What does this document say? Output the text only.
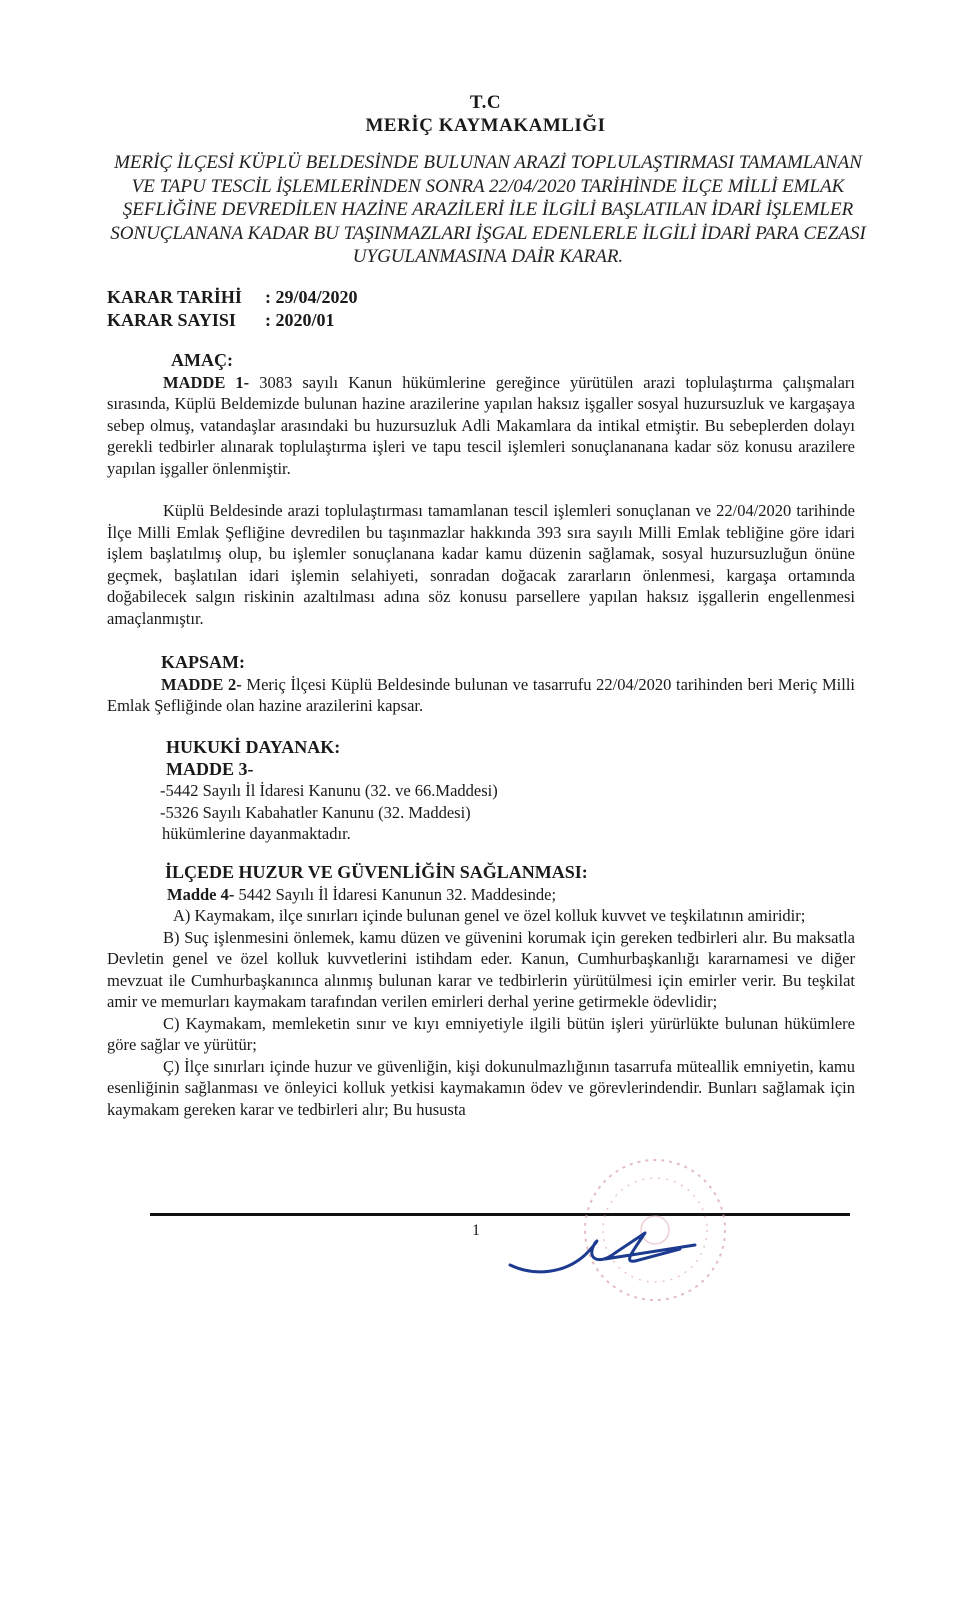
T.C
MERİÇ KAYMAKAMLIĞI
MERİÇ İLÇESİ KÜPLÜ BELDESİNDE BULUNAN ARAZİ TOPLULAŞTIRMASI TAMAMLANAN
VE TAPU TESCİL İŞLEMLERİNDEN SONRA 22/04/2020 TARİHİNDE İLÇE MİLLİ EMLAK
ŞEFLİĞİNE DEVREDİLEN HAZİNE ARAZİLERİ İLE İLGİLİ BAŞLATILAN İDARİ İŞLEMLER
SONUÇLANANA KADAR BU TAŞINMAZLARI İŞGAL EDENLERLE İLGİLİ İDARİ PARA CEZASI
UYGULANMASINA DAİR KARAR.
KARAR TARİHİ	: 29/04/2020
KARAR SAYISI	: 2020/01

AMAÇ:

MADDE 1- 3083 sayılı Kanun hükümlerine gereğince yürütülen arazi toplulaştırma çalışmaları sırasında, Küplü Beldemizde bulunan hazine arazilerine yapılan haksız işgaller sosyal huzursuzluk ve kargaşaya sebep olmuş, vatandaşlar arasındaki bu huzursuzluk Adli Makamlara da intikal etmiştir. Bu sebeplerden dolayı gerekli tedbirler alınarak toplulaştırma işleri ve tapu tescil işlemleri sonuçlananana kadar söz konusu arazilere yapılan işgaller önlenmiştir.

Küplü Beldesinde arazi toplulaştırması tamamlanan tescil işlemleri sonuçlanan ve 22/04/2020 tarihinde İlçe Milli Emlak Şefliğine devredilen bu taşınmazlar hakkında 393 sıra sayılı Milli Emlak tebliğine göre idari işlem başlatılmış olup, bu işlemler sonuçlanana kadar kamu düzenin sağlamak, sosyal huzursuzluğun önüne geçmek, başlatılan idari işlemin selahiyeti, sonradan doğacak zararların önlenmesi, kargaşa ortamında doğabilecek salgın riskinin azaltılması adına söz konusu parsellere yapılan haksız işgallerin engellenmesi amaçlanmıştır.

KAPSAM:

MADDE 2- Meriç İlçesi Küplü Beldesinde bulunan ve tasarrufu 22/04/2020 tarihinden beri Meriç Milli Emlak Şefliğinde olan hazine arazilerini kapsar.

HUKUKİ DAYANAK:

MADDE 3-

-5442 Sayılı İl İdaresi Kanunu (32. ve 66.Maddesi)

-5326 Sayılı Kabahatler Kanunu (32. Maddesi)

hükümlerine dayanmaktadır.

İLÇEDE HUZUR VE GÜVENLİĞİN SAĞLANMASI:

Madde 4- 5442 Sayılı İl İdaresi Kanunun 32. Maddesinde;

A) Kaymakam, ilçe sınırları içinde bulunan genel ve özel kolluk kuvvet ve teşkilatının amiridir;

B) Suç işlenmesini önlemek, kamu düzen ve güvenini korumak için gereken tedbirleri alır. Bu maksatla Devletin genel ve özel kolluk kuvvetlerini istihdam eder. Kanun, Cumhurbaşkanlığı kararnamesi ve diğer mevzuat ile Cumhurbaşkanınca alınmış bulunan karar ve tedbirlerin yürütülmesi için emirler verir. Bu teşkilat amir ve memurları kaymakam tarafından verilen emirleri derhal yerine getirmekle ödevlidir;

C) Kaymakam, memleketin sınır ve kıyı emniyetiyle ilgili bütün işleri yürürlükte bulunan hükümlere göre sağlar ve yürütür;

Ç) İlçe sınırları içinde huzur ve güvenliğin, kişi dokunulmazlığının tasarrufa müteallik emniyetin, kamu esenliğinin sağlanması ve önleyici kolluk yetkisi kaymakamın ödev ve görevlerindendir. Bunları sağlamak için kaymakam gereken karar ve tedbirleri alır; Bu hususta

1
